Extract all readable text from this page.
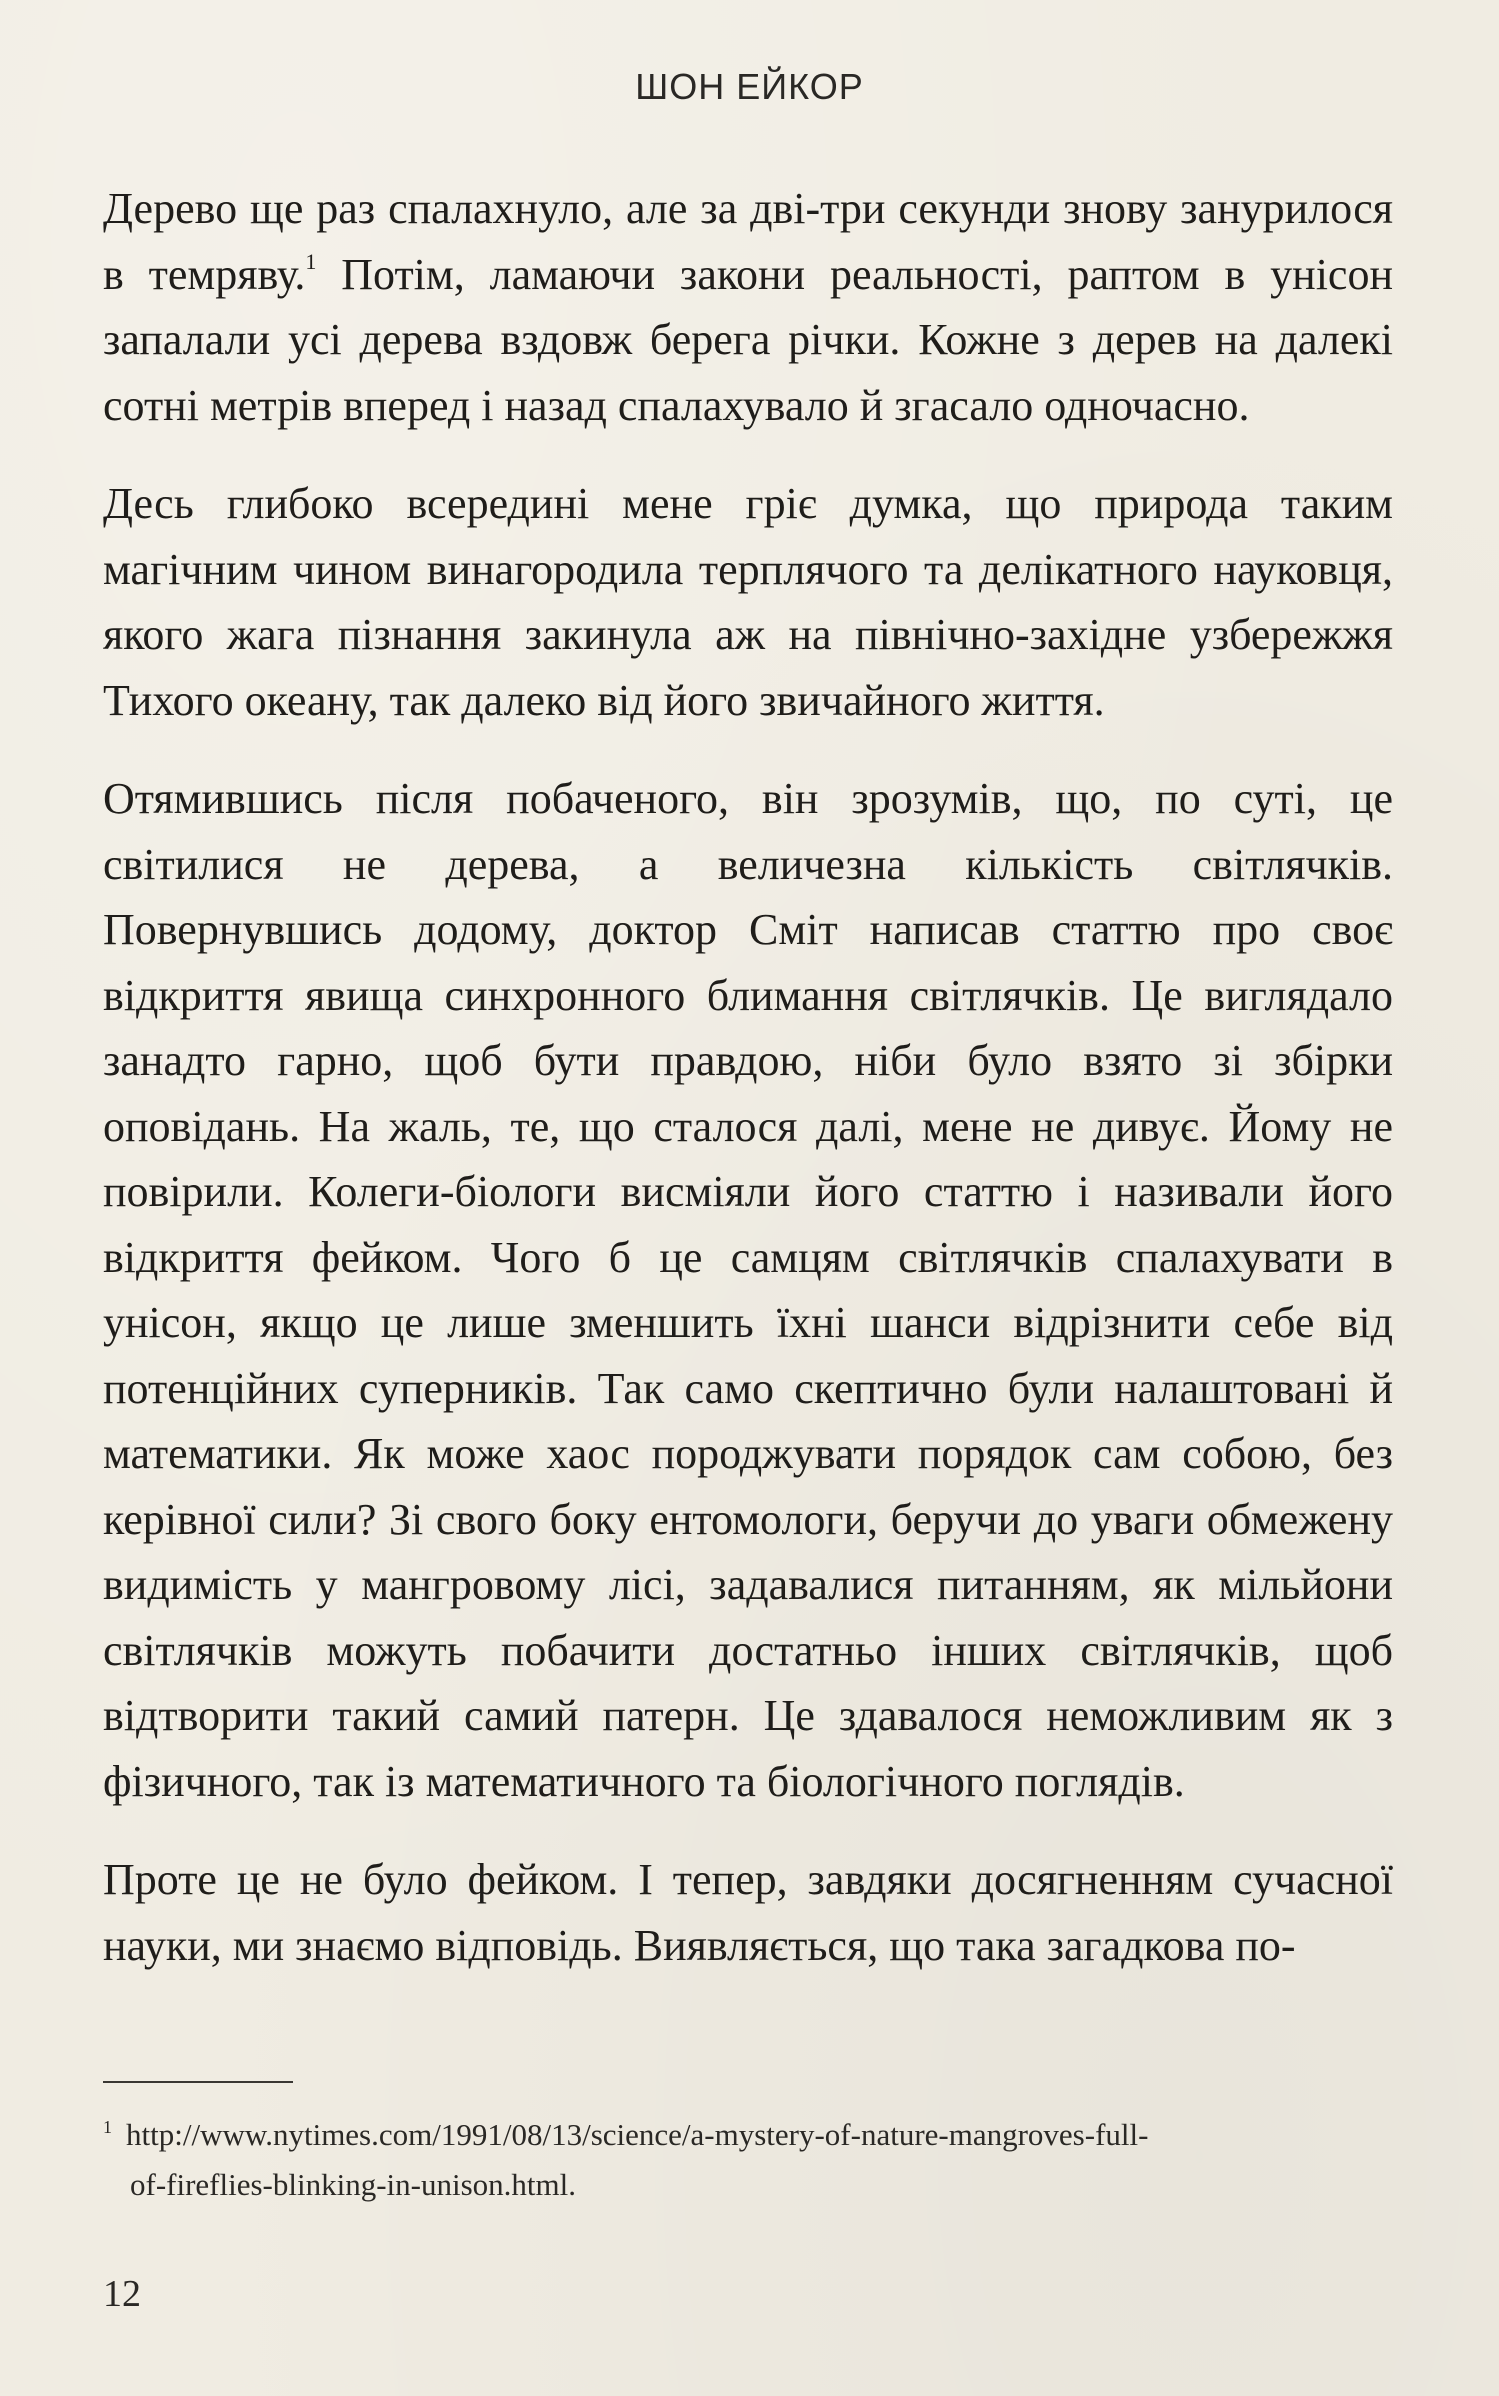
ШОН ЕЙКОР

Дерево ще раз спалахнуло, але за дві-три секунди знову занурилося в темряву.$^1$ Потім, ламаючи закони реальності, раптом в унісон запалали усі дерева вздовж берега річки. Кожне з дерев на далекі сотні метрів вперед і назад спалахувало й згасало одночасно.

Десь глибоко всередині мене гріє думка, що природа таким магічним чином винагородила терплячого та делікатного науковця, якого жага пізнання закинула аж на північно-західне узбережжя Тихого океану, так далеко від його звичайного життя.

Отямившись після побаченого, він зрозумів, що, по суті, це світилися не дерева, а величезна кількість світлячків. Повернувшись додому, доктор Сміт написав статтю про своє відкриття явища синхронного блимання світлячків. Це виглядало занадто гарно, щоб бути правдою, ніби було взято зі збірки оповідань. На жаль, те, що сталося далі, мене не дивує. Йому не повірили. Колеги-біологи висміяли його статтю і називали його відкриття фейком. Чого б це самцям світлячків спалахувати в унісон, якщо це лише зменшить їхні шанси відрізнити себе від потенційних суперників. Так само скептично були налаштовані й математики. Як може хаос породжувати порядок сам собою, без керівної сили? Зі свого боку ентомологи, беручи до уваги обмежену видимість у мангровому лісі, задавалися питанням, як мільйони світлячків можуть побачити достатньо інших світлячків, щоб відтворити такий самий патерн. Це здавалося неможливим як з фізичного, так із математичного та біологічного поглядів.

Проте це не було фейком. І тепер, завдяки досягненням сучасної науки, ми знаємо відповідь. Виявляється, що така загадкова по-

$^1$ http://www.nytimes.com/1991/08/13/science/a-mystery-of-nature-mangroves-full-
of-fireflies-blinking-in-unison.html.
12
